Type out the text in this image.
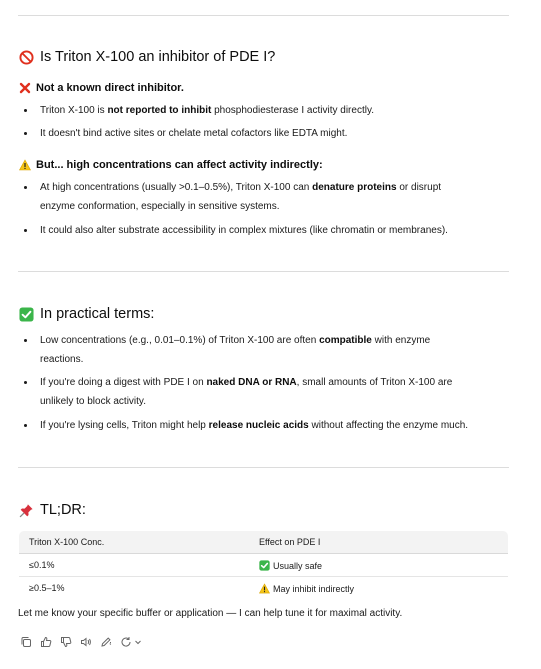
Is Triton X-100 an inhibitor of PDE I?
Not a known direct inhibitor.
Triton X-100 is not reported to inhibit phosphodiesterase I activity directly.
It doesn't bind active sites or chelate metal cofactors like EDTA might.
But... high concentrations can affect activity indirectly:
At high concentrations (usually >0.1–0.5%), Triton X-100 can denature proteins or disrupt
enzyme conformation, especially in sensitive systems.
It could also alter substrate accessibility in complex mixtures (like chromatin or membranes).
In practical terms:
Low concentrations (e.g., 0.01–0.1%) of Triton X-100 are often compatible with enzyme
reactions.
If you're doing a digest with PDE I on naked DNA or RNA, small amounts of Triton X-100 are
unlikely to block activity.
If you're lysing cells, Triton might help release nucleic acids without affecting the enzyme much.
TL;DR:
Triton X-100 Conc.	Effect on PDE I
≤0.1%	Usually safe
≥0.5–1%	May inhibit indirectly
Let me know your specific buffer or application — I can help tune it for maximal activity.
